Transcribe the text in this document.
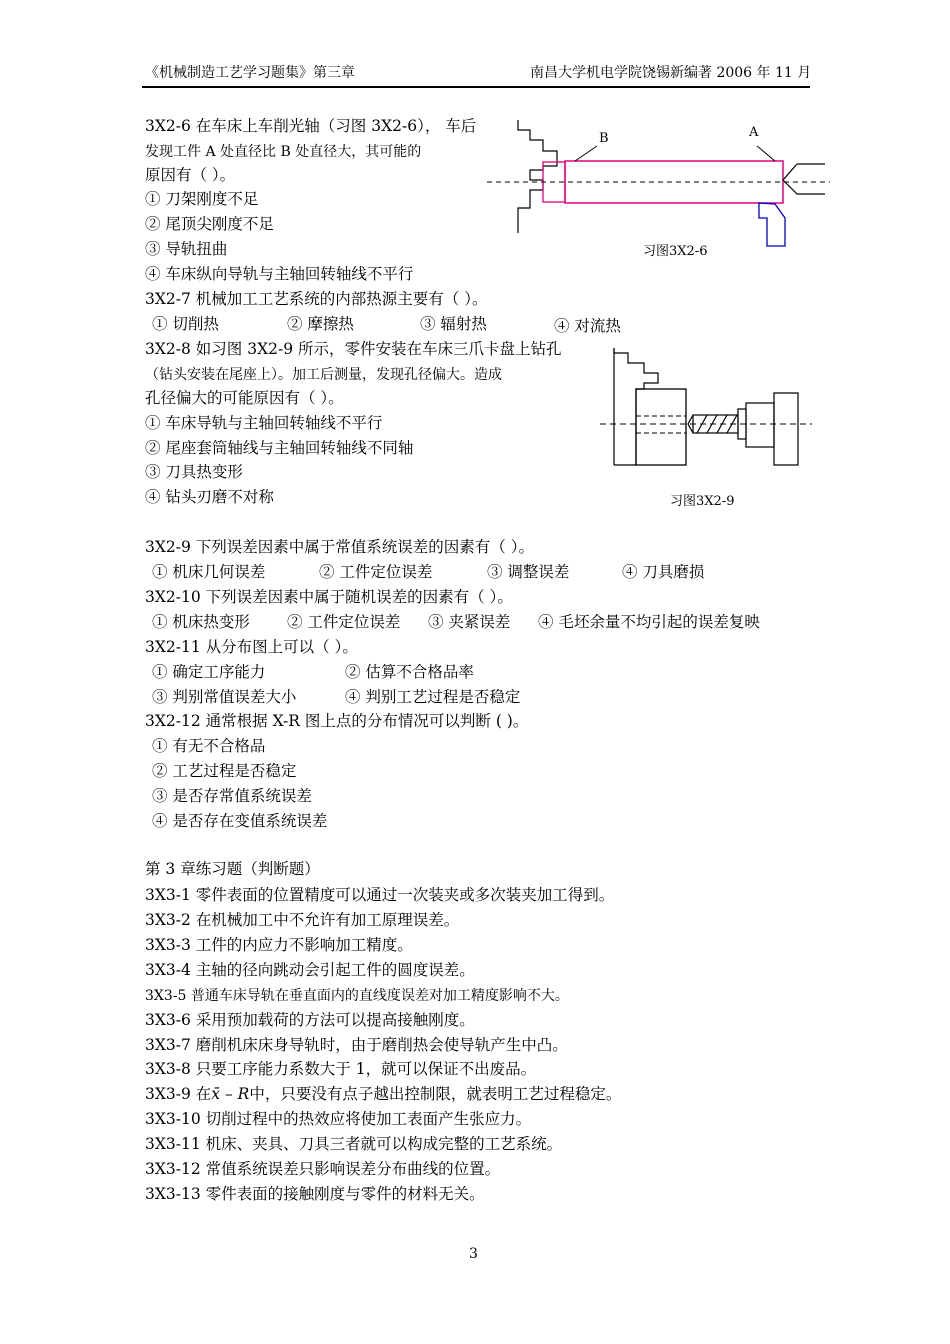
《机械制造工艺学习题集》第三章	南昌大学机电学院饶锡新编著 2006 年 11 月
3X2-6 在车床上车削光轴（习图 3X2-6）， 车后
发现工件 A 处直径比 B 处直径大，其可能的
原因有（ ）。
① 刀架刚度不足
② 尾顶尖刚度不足
③ 导轨扭曲
④ 车床纵向导轨与主轴回转轴线不平行
B	A
习图3X2-6
3X2-7 机械加工工艺系统的内部热源主要有（ ）。
① 切削热	② 摩擦热	③ 辐射热	④ 对流热
3X2-8 如习图 3X2-9 所示，零件安装在车床三爪卡盘上钻孔
（钻头安装在尾座上）。加工后测量，发现孔径偏大。造成
孔径偏大的可能原因有（ ）。
① 车床导轨与主轴回转轴线不平行
② 尾座套筒轴线与主轴回转轴线不同轴
③ 刀具热变形
④ 钻头刃磨不对称	习图3X2-9
3X2-9 下列误差因素中属于常值系统误差的因素有（ ）。
① 机床几何误差	② 工件定位误差	③ 调整误差	④ 刀具磨损
3X2-10 下列误差因素中属于随机误差的因素有（ ）。
① 机床热变形 ② 工件定位误差 ③ 夹紧误差 ④ 毛坯余量不均引起的误差复映
3X2-11 从分布图上可以（ ）。
① 确定工序能力	② 估算不合格品率
③ 判别常值误差大小	④ 判别工艺过程是否稳定
3X2-12 通常根据 X-R 图上点的分布情况可以判断 ( )。
① 有无不合格品
② 工艺过程是否稳定
③ 是否存常值系统误差
④ 是否存在变值系统误差
第 3 章练习题（判断题）
3X3-1 零件表面的位置精度可以通过一次装夹或多次装夹加工得到。
3X3-2 在机械加工中不允许有加工原理误差。
3X3-3 工件的内应力不影响加工精度。
3X3-4 主轴的径向跳动会引起工件的圆度误差。
3X3-5 普通车床导轨在垂直面内的直线度误差对加工精度影响不大。
3X3-6 采用预加载荷的方法可以提高接触刚度。
3X3-7 磨削机床床身导轨时，由于磨削热会使导轨产生中凸。
3X3-8 只要工序能力系数大于 1，就可以保证不出废品。
3X3-9 在x̄ – R中，只要没有点子越出控制限，就表明工艺过程稳定。
3X3-10 切削过程中的热效应将使加工表面产生张应力。
3X3-11 机床、夹具、刀具三者就可以构成完整的工艺系统。
3X3-12 常值系统误差只影响误差分布曲线的位置。
3X3-13 零件表面的接触刚度与零件的材料无关。
3
